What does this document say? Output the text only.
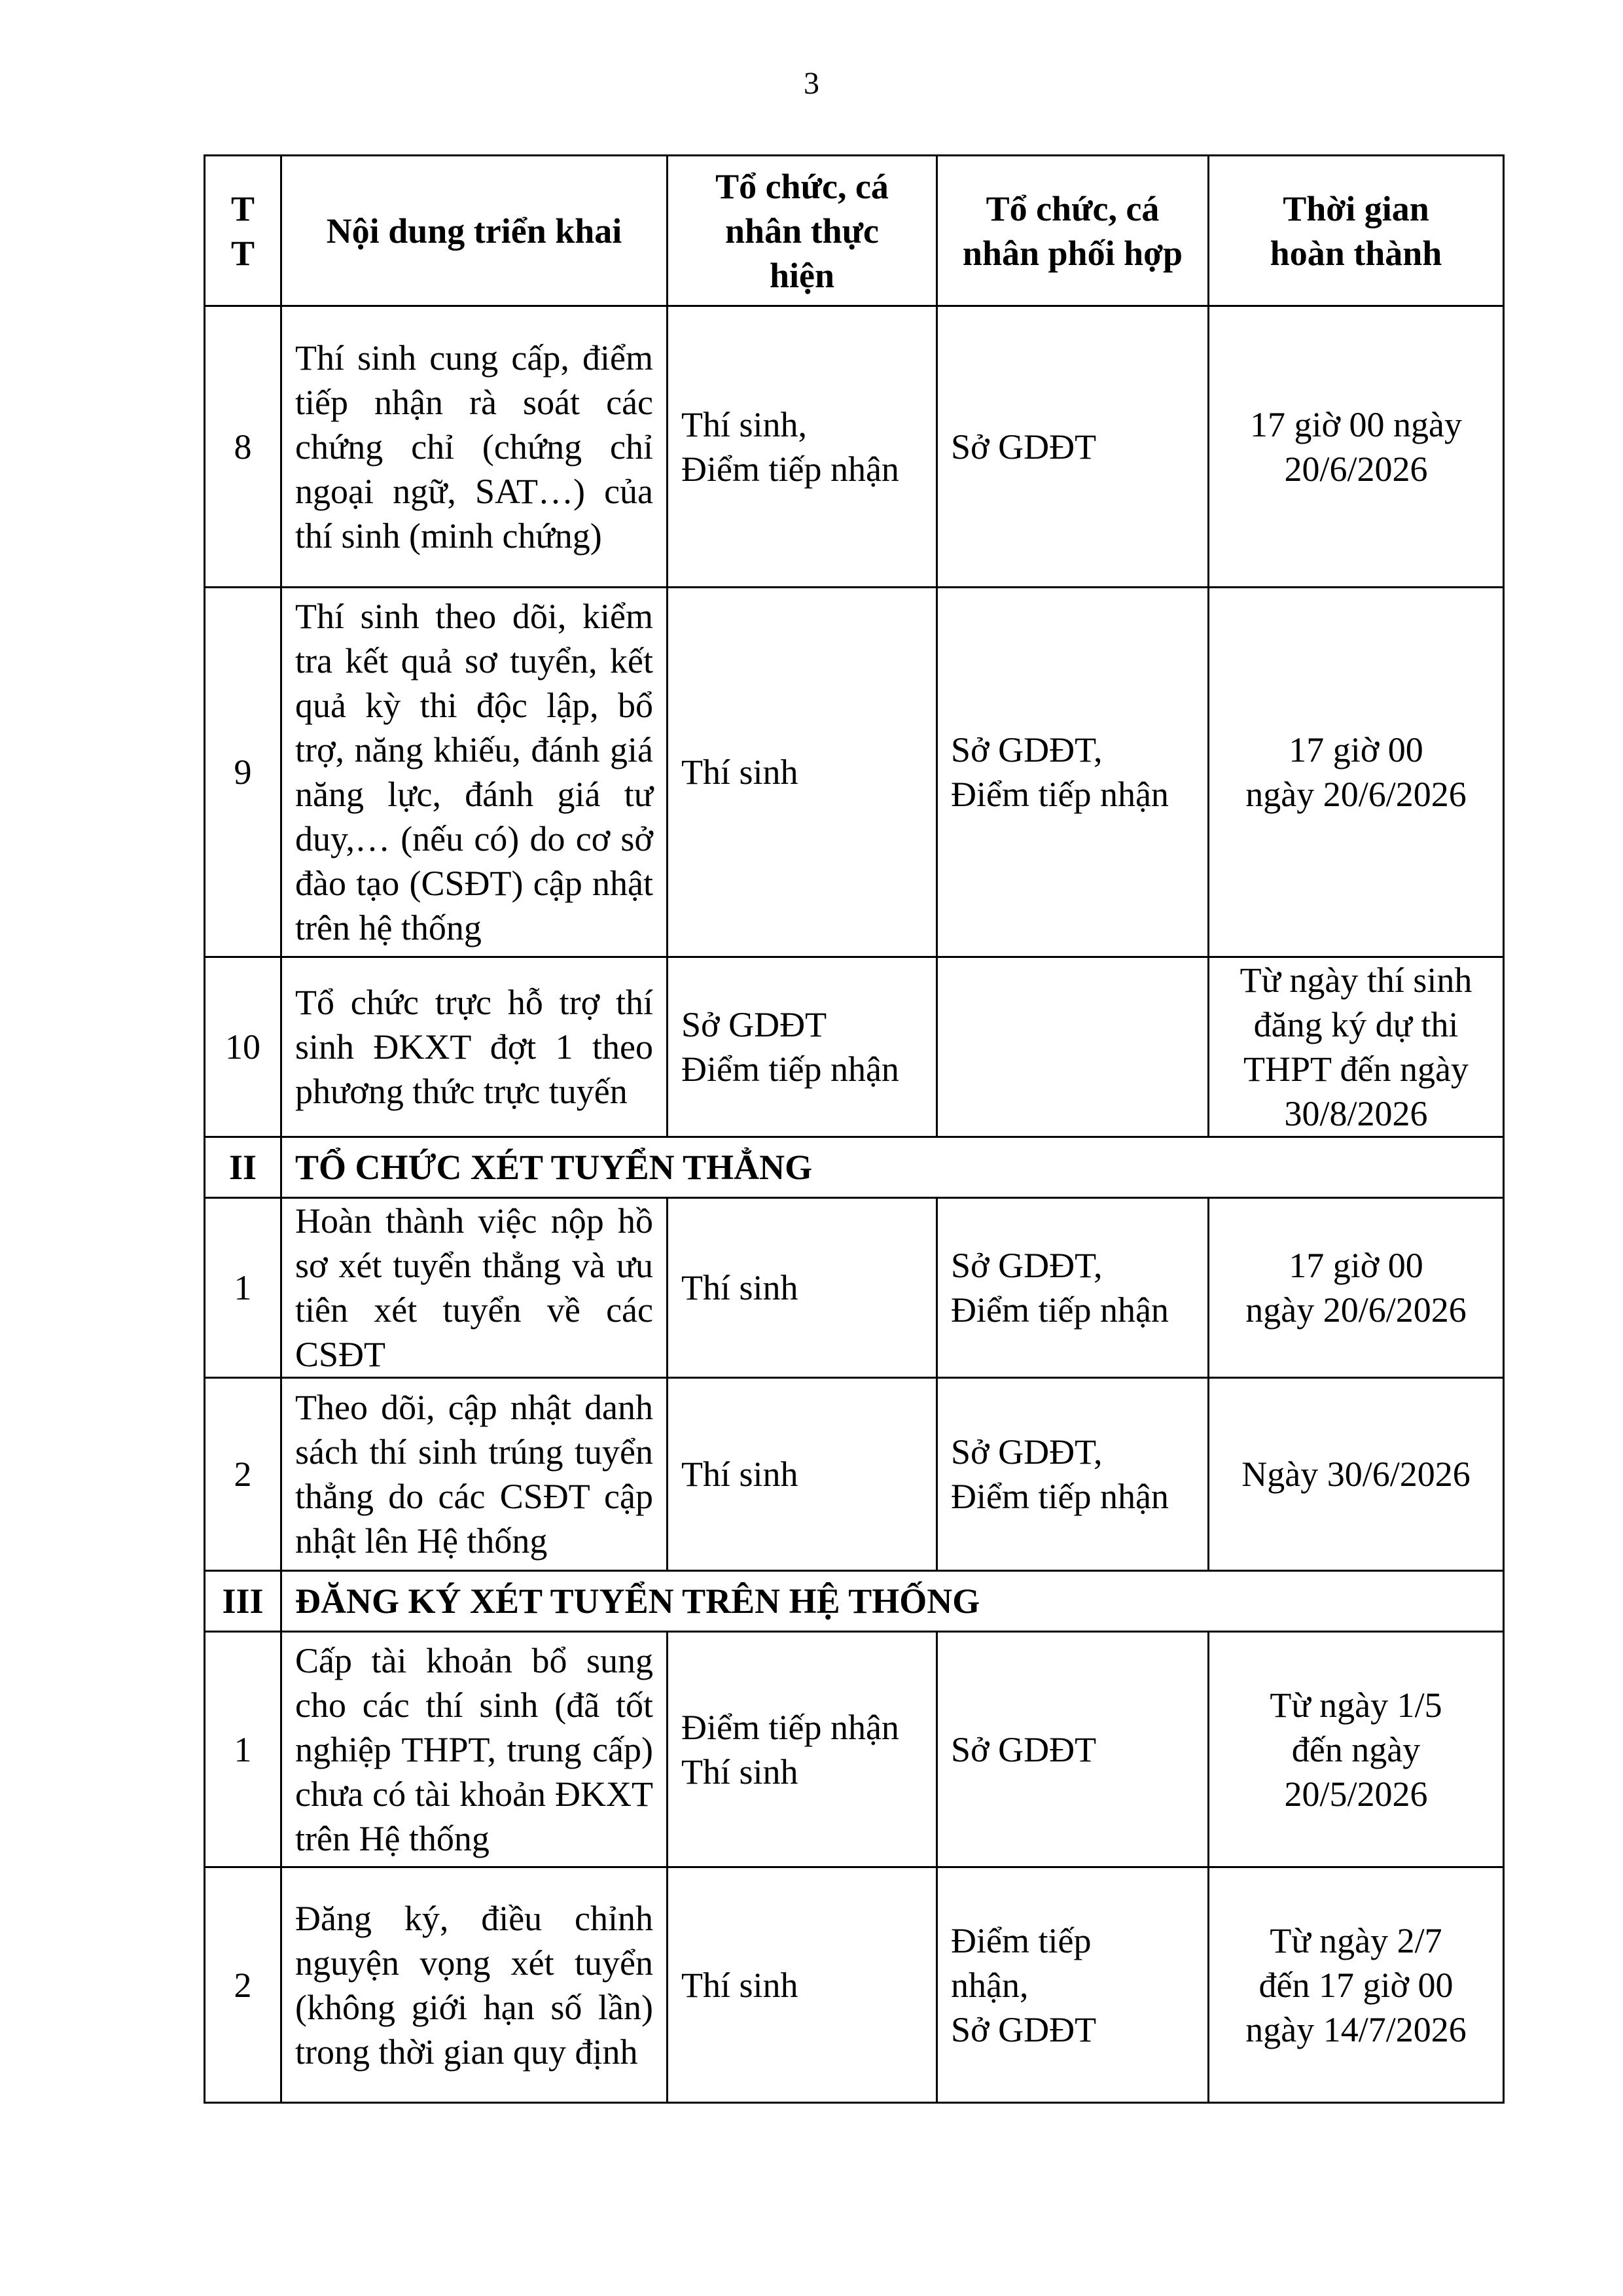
3
T
T	Nội dung triển khai	Tổ chức, cá
nhân thực
hiện	Tổ chức, cá
nhân phối hợp	Thời gian
hoàn thành
8	Thí sinh cung cấp, điểm tiếp nhận rà soát các chứng chỉ (chứng chỉ ngoại ngữ, SAT…) của thí sinh (minh chứng)	Thí sinh,
Điểm tiếp nhận	Sở GDĐT	17 giờ 00 ngày
20/6/2026
9	Thí sinh theo dõi, kiểm tra kết quả sơ tuyển, kết quả kỳ thi độc lập, bổ trợ, năng khiếu, đánh giá năng lực, đánh giá tư duy,… (nếu có) do cơ sở đào tạo (CSĐT) cập nhật trên hệ thống	Thí sinh	Sở GDĐT,
Điểm tiếp nhận	17 giờ 00
ngày 20/6/2026
10	Tổ chức trực hỗ trợ thí sinh ĐKXT đợt 1 theo phương thức trực tuyến	Sở GDĐT
Điểm tiếp nhận		Từ ngày thí sinh
đăng ký dự thi
THPT đến ngày
30/8/2026
II	TỔ CHỨC XÉT TUYỂN THẲNG			
1	Hoàn thành việc nộp hồ sơ xét tuyển thẳng và ưu tiên xét tuyển về các CSĐT	Thí sinh	Sở GDĐT,
Điểm tiếp nhận	17 giờ 00
ngày 20/6/2026
2	Theo dõi, cập nhật danh sách thí sinh trúng tuyển thẳng do các CSĐT cập nhật lên Hệ thống	Thí sinh	Sở GDĐT,
Điểm tiếp nhận	Ngày 30/6/2026
III	ĐĂNG KÝ XÉT TUYỂN TRÊN HỆ THỐNG			
1	Cấp tài khoản bổ sung cho các thí sinh (đã tốt nghiệp THPT, trung cấp) chưa có tài khoản ĐKXT trên Hệ thống	Điểm tiếp nhận
Thí sinh	Sở GDĐT	Từ ngày 1/5
đến ngày
20/5/2026
2	Đăng ký, điều chỉnh nguyện vọng xét tuyển (không giới hạn số lần) trong thời gian quy định	Thí sinh	Điểm tiếp
nhận,
Sở GDĐT	Từ ngày 2/7
đến 17 giờ 00
ngày 14/7/2026
